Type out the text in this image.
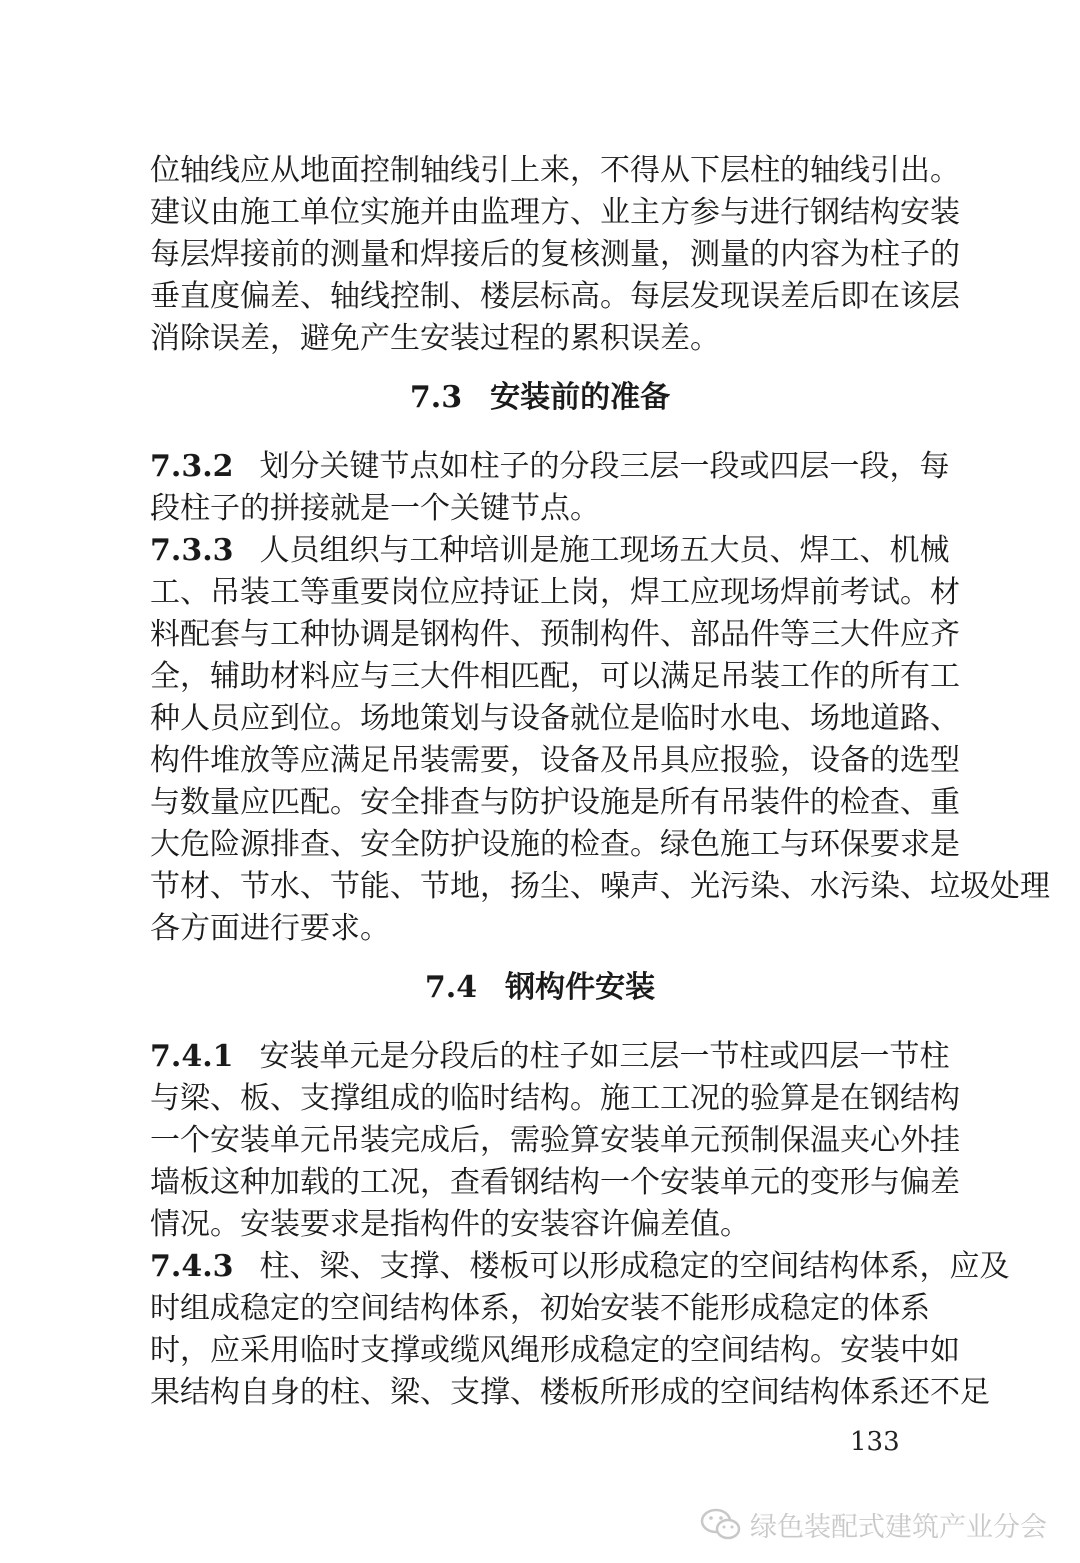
位轴线应从地面控制轴线引上来，不得从下层柱的轴线引出。
建议由施工单位实施并由监理方、业主方参与进行钢结构安装
每层焊接前的测量和焊接后的复核测量，测量的内容为柱子的
垂直度偏差、轴线控制、楼层标高。每层发现误差后即在该层
消除误差，避免产生安装过程的累积误差。
7.3 安装前的准备
7.3.2 划分关键节点如柱子的分段三层一段或四层一段，每
段柱子的拼接就是一个关键节点。
7.3.3 人员组织与工种培训是施工现场五大员、焊工、机械
工、吊装工等重要岗位应持证上岗，焊工应现场焊前考试。材
料配套与工种协调是钢构件、预制构件、部品件等三大件应齐
全，辅助材料应与三大件相匹配，可以满足吊装工作的所有工
种人员应到位。场地策划与设备就位是临时水电、场地道路、
构件堆放等应满足吊装需要，设备及吊具应报验，设备的选型
与数量应匹配。安全排查与防护设施是所有吊装件的检查、重
大危险源排查、安全防护设施的检查。绿色施工与环保要求是
节材、节水、节能、节地，扬尘、噪声、光污染、水污染、垃圾处理
各方面进行要求。
7.4 钢构件安装
7.4.1 安装单元是分段后的柱子如三层一节柱或四层一节柱
与梁、板、支撑组成的临时结构。施工工况的验算是在钢结构
一个安装单元吊装完成后，需验算安装单元预制保温夹心外挂
墙板这种加载的工况，查看钢结构一个安装单元的变形与偏差
情况。安装要求是指构件的安装容许偏差值。
7.4.3 柱、梁、支撑、楼板可以形成稳定的空间结构体系，应及
时组成稳定的空间结构体系，初始安装不能形成稳定的体系
时，应采用临时支撑或缆风绳形成稳定的空间结构。安装中如
果结构自身的柱、梁、支撑、楼板所形成的空间结构体系还不足
133
绿色装配式建筑产业分会
